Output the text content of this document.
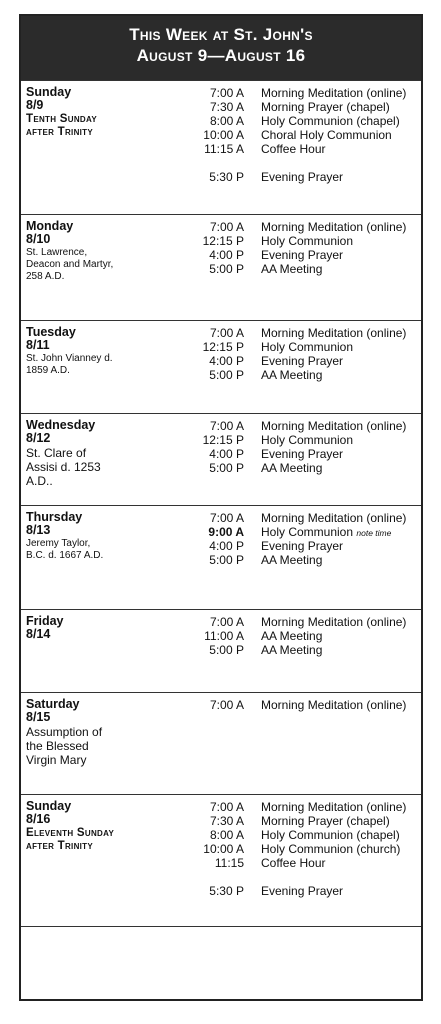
This Week at St. John's
August 9—August 16
Sunday
8/9
Tenth Sunday after Trinity
7:00 A Morning Meditation (online)
7:30 A Morning Prayer (chapel)
8:00 A Holy Communion (chapel)
10:00 A Choral Holy Communion
11:15 A Coffee Hour
5:30 P Evening Prayer
Monday
8/10
St. Lawrence, Deacon and Martyr, 258 A.D.
7:00 A Morning Meditation (online)
12:15 P Holy Communion
4:00 P Evening Prayer
5:00 P AA Meeting
Tuesday
8/11
St. John Vianney d. 1859 A.D.
7:00 A Morning Meditation (online)
12:15 P Holy Communion
4:00 P Evening Prayer
5:00 P AA Meeting
Wednesday
8/12
St. Clare of Assisi d. 1253 A.D..
7:00 A Morning Meditation (online)
12:15 P Holy Communion
4:00 P Evening Prayer
5:00 P AA Meeting
Thursday
8/13
Jeremy Taylor, B.C. d. 1667 A.D.
7:00 A Morning Meditation (online)
9:00 A Holy Communion note time
4:00 P Evening Prayer
5:00 P AA Meeting
Friday
8/14
7:00 A Morning Meditation (online)
11:00 A AA Meeting
5:00 P AA Meeting
Saturday
8/15
Assumption of the Blessed Virgin Mary
7:00 A Morning Meditation (online)
Sunday
8/16
Eleventh Sunday after Trinity
7:00 A Morning Meditation (online)
7:30 A Morning Prayer (chapel)
8:00 A Holy Communion (chapel)
10:00 A Holy Communion (church)
11:15 Coffee Hour
5:30 P Evening Prayer
